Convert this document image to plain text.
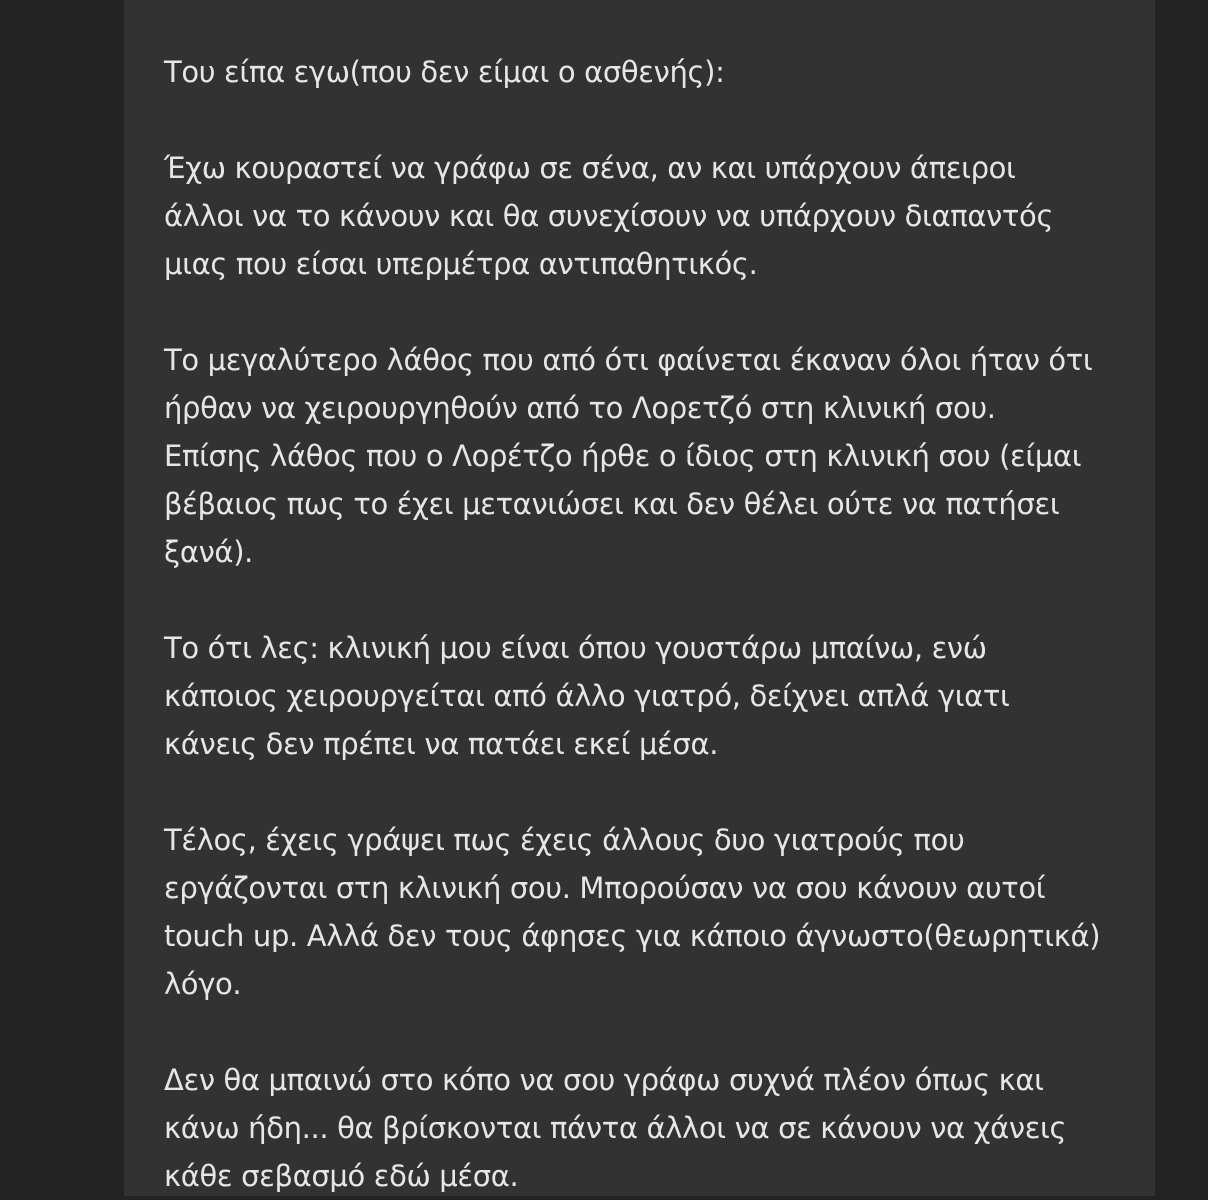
Του είπα εγω(που δεν είμαι ο ασθενής):

Έχω κουραστεί να γράφω σε σένα, αν και υπάρχουν άπειροι
άλλοι να το κάνουν και θα συνεχίσουν να υπάρχουν διαπαντός
μιας που είσαι υπερμέτρα αντιπαθητικός.

Το μεγαλύτερο λάθος που από ότι φαίνεται έκαναν όλοι ήταν ότι
ήρθαν να χειρουργηθούν από το Λορετζό στη κλινική σου.
Επίσης λάθος που ο Λορέτζο ήρθε ο ίδιος στη κλινική σου (είμαι
βέβαιος πως το έχει μετανιώσει και δεν θέλει ούτε να πατήσει
ξανά).

Το ότι λες: κλινική μου είναι όπου γουστάρω μπαίνω, ενώ
κάποιος χειρουργείται από άλλο γιατρό, δείχνει απλά γιατι
κάνεις δεν πρέπει να πατάει εκεί μέσα.

Τέλος, έχεις γράψει πως έχεις άλλους δυο γιατρούς που
εργάζονται στη κλινική σου. Μπορούσαν να σου κάνουν αυτοί
touch up. Αλλά δεν τους άφησες για κάποιο άγνωστο(θεωρητικά)
λόγο.

Δεν θα μπαινώ στο κόπο να σου γράφω συχνά πλέον όπως και
κάνω ήδη... θα βρίσκονται πάντα άλλοι να σε κάνουν να χάνεις
κάθε σεβασμό εδώ μέσα.
